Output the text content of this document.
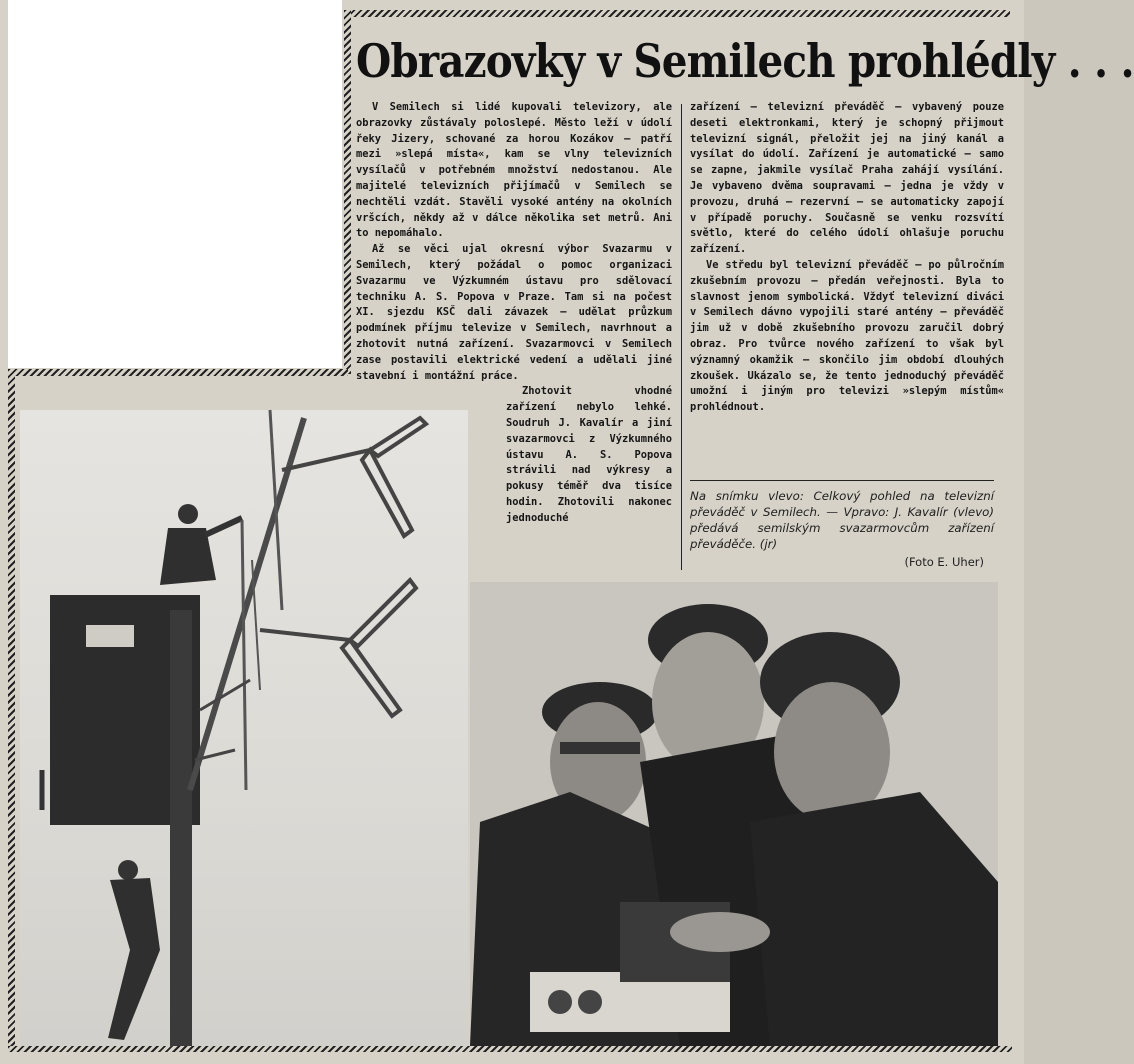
Obrazovky v Semilech prohlédly . . .

V Semilech si lidé kupovali televizory, ale obrazovky zůstávaly poloslepé. Město leží v údolí řeky Jizery, schované za horou Kozákov — patří mezi »slepá místa«, kam se vlny televizních vysílačů v potřebném množství nedostanou. Ale majitelé televizních přijímačů v Semilech se nechtěli vzdát. Stavěli vysoké antény na okolních vršcích, někdy až v dálce několika set metrů. Ani to nepomáhalo.

Až se věci ujal okresní výbor Svazarmu v Semilech, který požádal o pomoc organizaci Svazarmu ve Výzkumném ústavu pro sdělovací techniku A. S. Popova v Praze. Tam si na počest XI. sjezdu KSČ dali závazek — udělat průzkum podmínek příjmu televize v Semilech, navrhnout a zhotovit nutná zařízení. Svazarmovci v Semilech zase postavili elektrické vedení a udělali jiné stavební i montážní práce.

Zhotovit vhodné zařízení nebylo lehké. Soudruh J. Kavalír a jiní svazarmovci z Výzkumného ústavu A. S. Popova strávili nad výkresy a pokusy téměř dva tisíce hodin. Zhotovili nakonec jednoduché

zařízení — televizní převáděč — vybavený pouze deseti elektronkami, který je schopný přijmout televizní signál, přeložit jej na jiný kanál a vysílat do údolí. Zařízení je automatické — samo se zapne, jakmile vysílač Praha zahájí vysílání. Je vybaveno dvěma soupravami — jedna je vždy v provozu, druhá — rezervní — se automaticky zapojí v případě poruchy. Současně se venku rozsvítí světlo, které do celého údolí ohlašuje poruchu zařízení.

Ve středu byl televizní převáděč — po půlročním zkušebním provozu — předán veřejnosti. Byla to slavnost jenom symbolická. Vždyť televizní diváci v Semilech dávno vypojili staré antény — převáděč jim už v době zkušebního provozu zaručil dobrý obraz. Pro tvůrce nového zařízení to však byl významný okamžik — skončilo jim období dlouhých zkoušek. Ukázalo se, že tento jednoduchý převáděč umožní i jiným pro televizi »slepým místům« prohlédnout.

Na snímku vlevo: Celkový pohled na televizní převáděč v Semilech. — Vpravo: J. Kavalír (vlevo) předává semilským svazarmovcům zařízení převáděče. (jr)
(Foto E. Uher)
